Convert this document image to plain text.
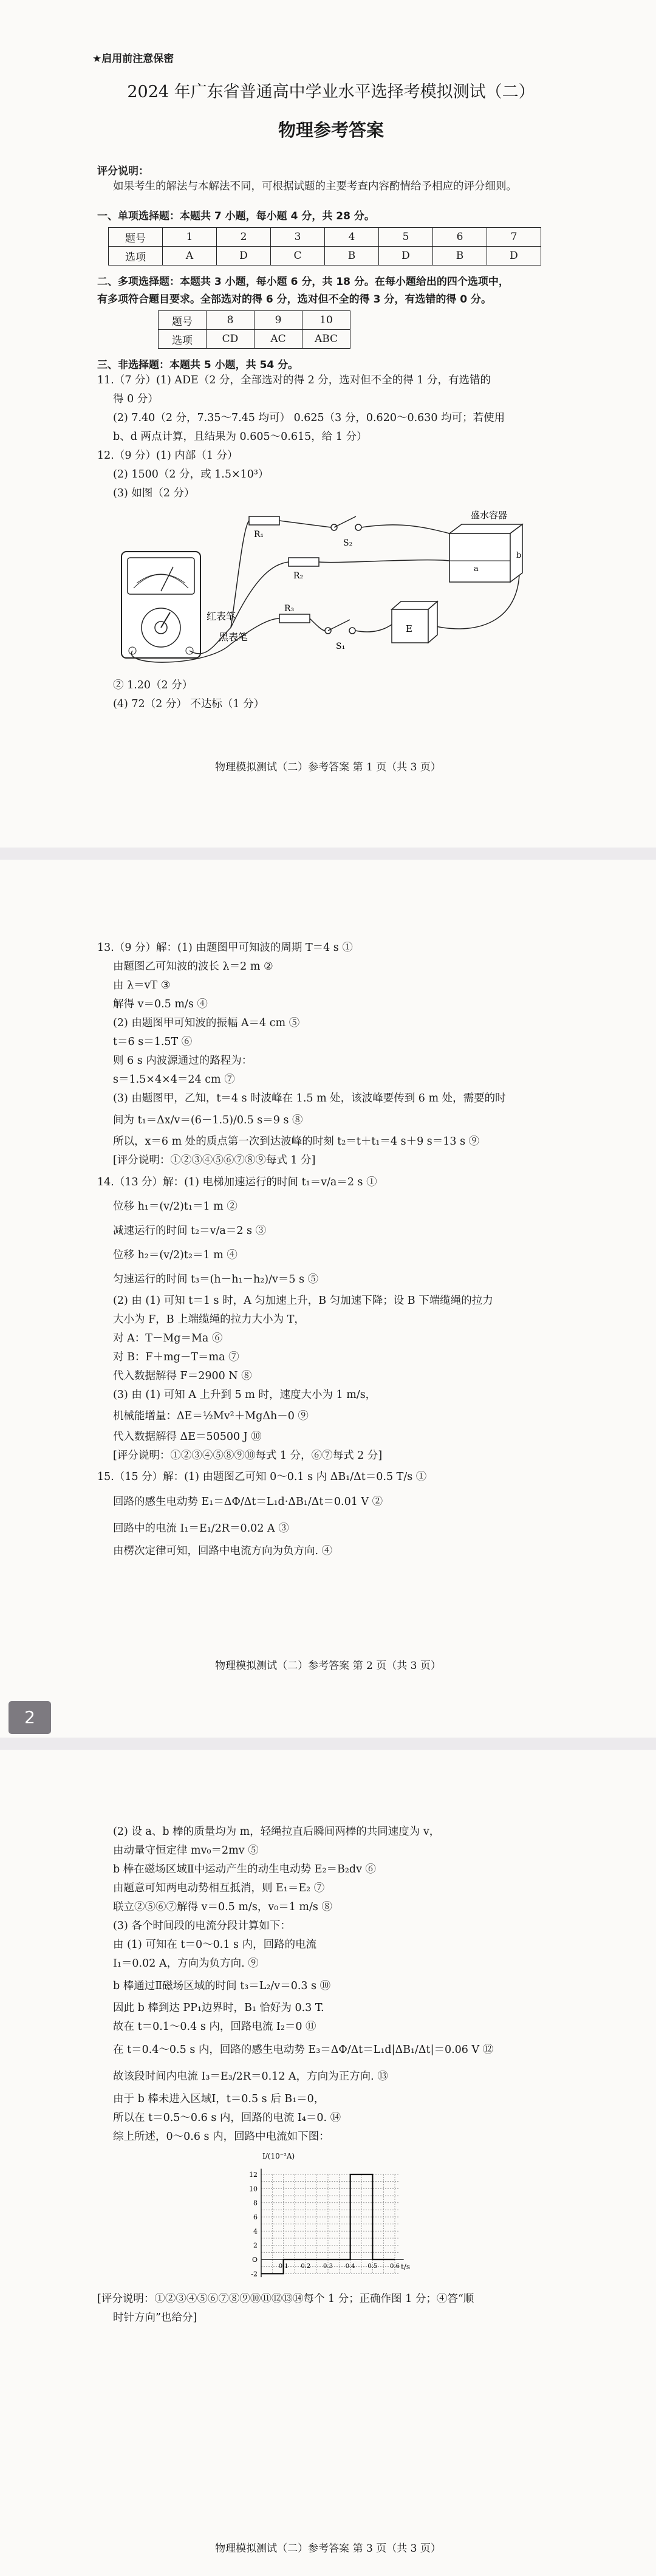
★启用前注意保密
2024 年广东省普通高中学业水平选择考模拟测试（二）
物理参考答案
评分说明：
如果考生的解法与本解法不同，可根据试题的主要考查内容酌情给予相应的评分细则。
一、单项选择题：本题共 7 小题，每小题 4 分，共 28 分。
题号	1	2	3	4	5	6	7
选项	A	D	C	B	D	B	D
二、多项选择题：本题共 3 小题，每小题 6 分，共 18 分。在每小题给出的四个选项中，
有多项符合题目要求。全部选对的得 6 分，选对但不全的得 3 分，有选错的得 0 分。
题号	8	9	10
选项	CD	AC	ABC
三、非选择题：本题共 5 小题，共 54 分。
11.（7 分）(1) ADE（2 分，全部选对的得 2 分，选对但不全的得 1 分，有选错的
得 0 分）
(2) 7.40（2 分，7.35～7.45 均可） 0.625（3 分，0.620～0.630 均可；若使用
b、d 两点计算，且结果为 0.605～0.615，给 1 分）
12.（9 分）(1) 内部（1 分）
(2) 1500（2 分，或 1.5×10³）
(3) 如图（2 分）
红表笔
黑表笔
R₁
R₂
R₃
S₂
S₁
盛水容器
a
b
E
② 1.20（2 分）
(4) 72（2 分） 不达标（1 分）
物理模拟测试（二）参考答案 第 1 页（共 3 页）
13.（9 分）解：(1) 由题图甲可知波的周期 T＝4 s ①
由题图乙可知波的波长 λ＝2 m ②
由 λ＝vT ③
解得 v＝0.5 m/s ④
(2) 由题图甲可知波的振幅 A＝4 cm ⑤
t＝6 s＝1.5T ⑥
则 6 s 内波源通过的路程为：
s＝1.5×4×4＝24 cm ⑦
(3) 由题图甲，乙知，t＝4 s 时波峰在 1.5 m 处，该波峰要传到 6 m 处，需要的时
间为 t₁＝Δx/v＝(6－1.5)/0.5 s＝9 s ⑧
所以，x＝6 m 处的质点第一次到达波峰的时刻 t₂＝t＋t₁＝4 s＋9 s＝13 s ⑨
[评分说明：①②③④⑤⑥⑦⑧⑨每式 1 分]
14.（13 分）解：(1) 电梯加速运行的时间 t₁＝v/a＝2 s ①
位移 h₁＝(v/2)t₁＝1 m ②
减速运行的时间 t₂＝v/a＝2 s ③
位移 h₂＝(v/2)t₂＝1 m ④
匀速运行的时间 t₃＝(h－h₁－h₂)/v＝5 s ⑤
(2) 由 (1) 可知 t＝1 s 时，A 匀加速上升，B 匀加速下降；设 B 下端缆绳的拉力
大小为 F，B 上端缆绳的拉力大小为 T，
对 A：T－Mg＝Ma ⑥
对 B：F＋mg－T＝ma ⑦
代入数据解得 F＝2900 N ⑧
(3) 由 (1) 可知 A 上升到 5 m 时，速度大小为 1 m/s，
机械能增量：ΔE＝½Mv²＋MgΔh－0 ⑨
代入数据解得 ΔE＝50500 J ⑩
[评分说明：①②③④⑤⑧⑨⑩每式 1 分，⑥⑦每式 2 分]
15.（15 分）解：(1) 由题图乙可知 0～0.1 s 内 ΔB₁/Δt＝0.5 T/s ①
回路的感生电动势 E₁＝ΔΦ/Δt＝L₁d·ΔB₁/Δt＝0.01 V ②
回路中的电流 I₁＝E₁/2R＝0.02 A ③
由楞次定律可知，回路中电流方向为负方向. ④
物理模拟测试（二）参考答案 第 2 页（共 3 页）
2
(2) 设 a、b 棒的质量均为 m，轻绳拉直后瞬间两棒的共同速度为 v，
由动量守恒定律 mv₀＝2mv ⑤
b 棒在磁场区域Ⅱ中运动产生的动生电动势 E₂＝B₂dv ⑥
由题意可知两电动势相互抵消，则 E₁＝E₂ ⑦
联立②⑤⑥⑦解得 v＝0.5 m/s，v₀＝1 m/s ⑧
(3) 各个时间段的电流分段计算如下：
由 (1) 可知在 t＝0～0.1 s 内，回路的电流
I₁＝0.02 A，方向为负方向. ⑨
b 棒通过Ⅱ磁场区域的时间 t₃＝L₂/v＝0.3 s ⑩
因此 b 棒到达 PP₁边界时，B₁ 恰好为 0.3 T.
故在 t＝0.1～0.4 s 内，回路电流 I₂＝0 ⑪
在 t＝0.4～0.5 s 内，回路的感生电动势 E₃＝ΔΦ/Δt＝L₁d|ΔB₁/Δt|＝0.06 V ⑫
故该段时间内电流 I₃＝E₃/2R＝0.12 A，方向为正方向. ⑬
由于 b 棒未进入区域Ⅰ，t＝0.5 s 后 B₁＝0，
所以在 t＝0.5～0.6 s 内，回路的电流 I₄＝0. ⑭
综上所述，0～0.6 s 内，回路中电流如下图：
12
10
8
6
4
2
O
-2
0.1 0.2 0.3 0.4 0.5 0.6
I/(10⁻²A)
t/s
[评分说明：①②③④⑤⑥⑦⑧⑨⑩⑪⑫⑬⑭每个 1 分；正确作图 1 分；④答“顺
时针方向”也给分]
物理模拟测试（二）参考答案 第 3 页（共 3 页）
